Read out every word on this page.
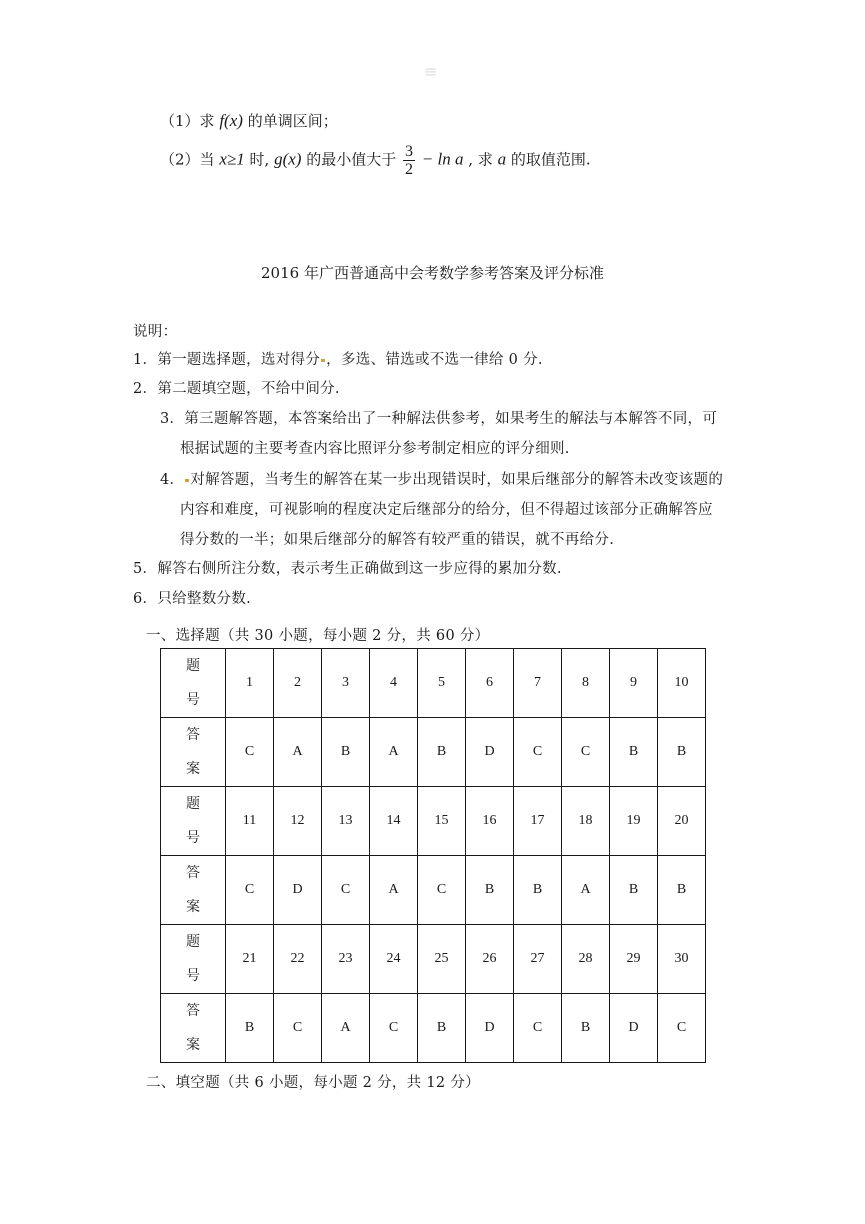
≡
（1）求 f(x) 的单调区间；
（2）当 x≥1 时, g(x) 的最小值大于 $\frac{3}{2} - \ln a$ , 求 a 的取值范围.
2016 年广西普通高中会考数学参考答案及评分标准
说明：
1．第一题选择题，选对得分 ，多选、错选或不选一律给 0 分.
2．第二题填空题，不给中间分.
3．第三题解答题，本答案给出了一种解法供参考，如果考生的解法与本解答不同，可
根据试题的主要考查内容比照评分参考制定相应的评分细则.
4． 对解答题，当考生的解答在某一步出现错误时，如果后继部分的解答未改变该题的
内容和难度，可视影响的程度决定后继部分的给分，但不得超过该部分正确解答应
得分数的一半；如果后继部分的解答有较严重的错误，就不再给分.
5．解答右侧所注分数，表示考生正确做到这一步应得的累加分数.
6．只给整数分数.
一、选择题（共 30 小题，每小题 2 分，共 60 分）
题
号	1	2	3	4	5	6	7	8	9	10
答
案	C	A	B	A	B	D	C	C	B	B
题
号	11	12	13	14	15	16	17	18	19	20
答
案	C	D	C	A	C	B	B	A	B	B
题
号	21	22	23	24	25	26	27	28	29	30
答
案	B	C	A	C	B	D	C	B	D	C
二、填空题（共 6 小题，每小题 2 分，共 12 分）
